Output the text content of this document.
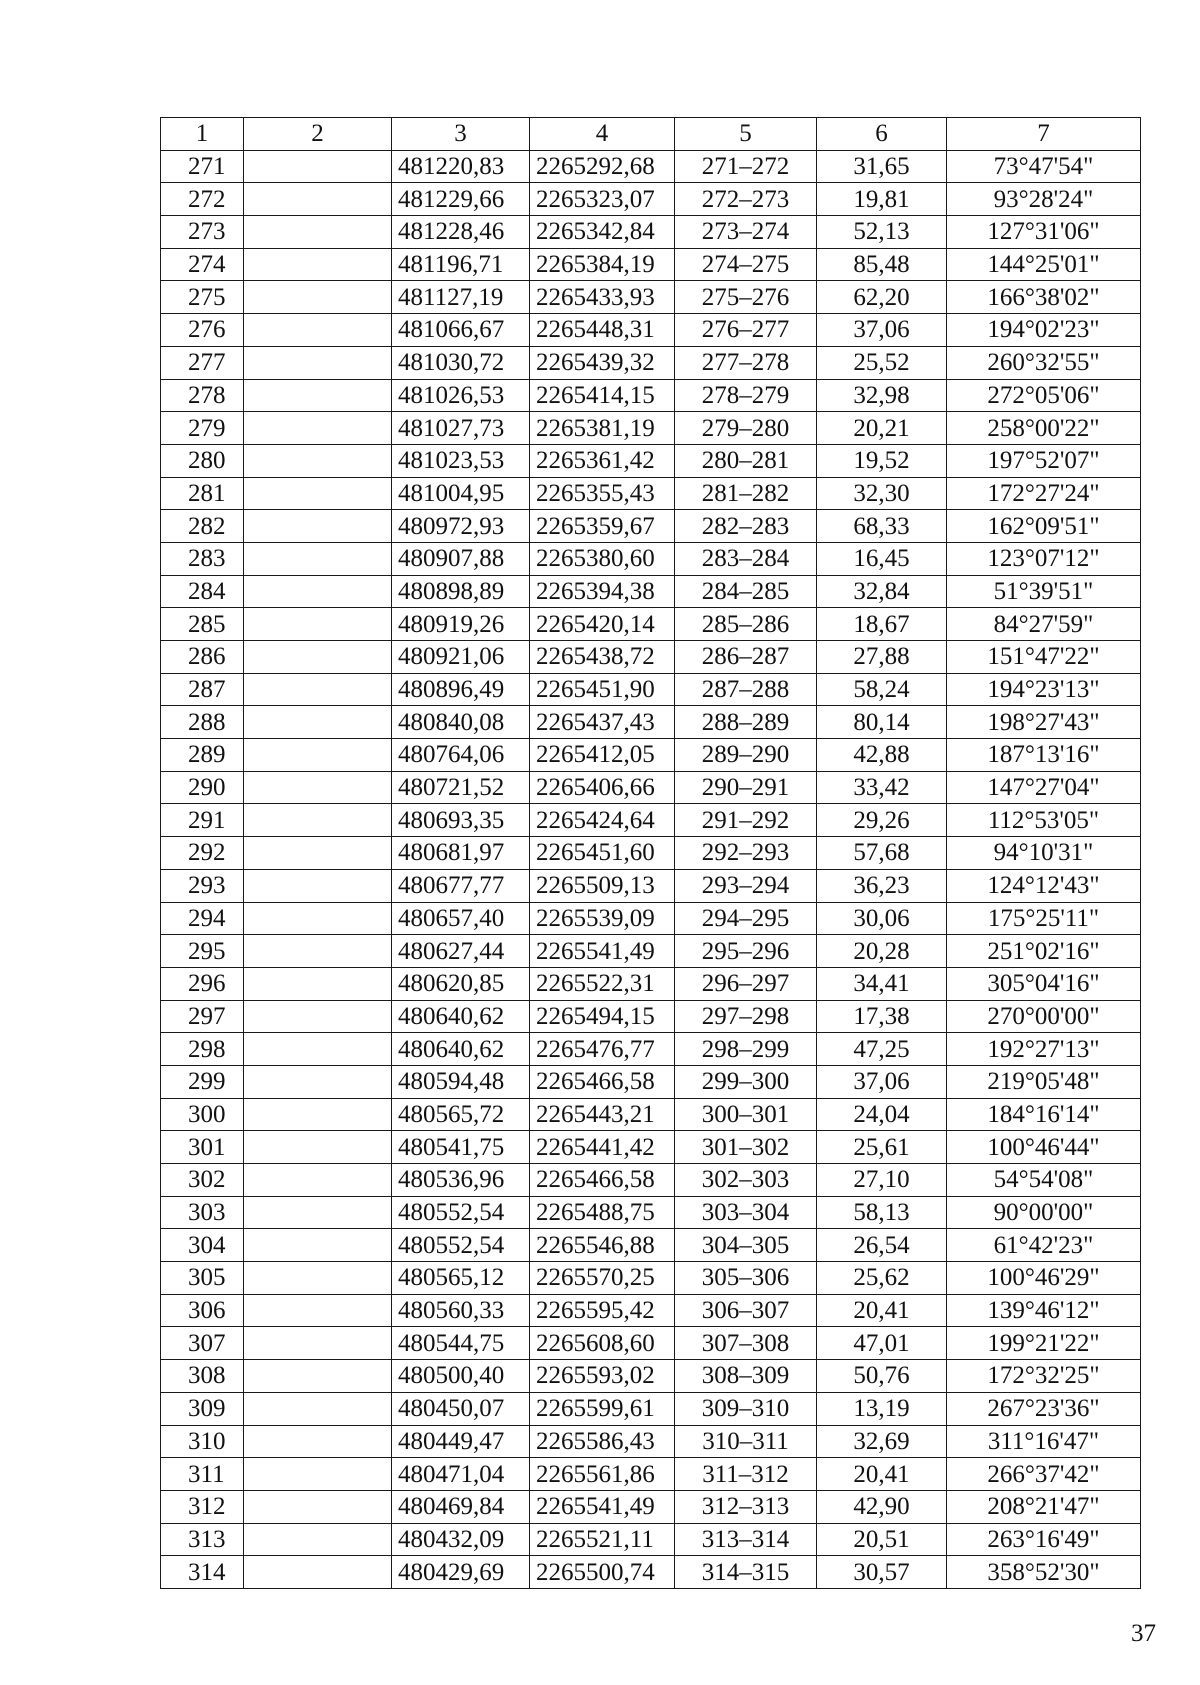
1	2	3	4	5	6	7
271		481220,83	2265292,68	271–272	31,65	73°47'54"
272		481229,66	2265323,07	272–273	19,81	93°28'24"
273		481228,46	2265342,84	273–274	52,13	127°31'06"
274		481196,71	2265384,19	274–275	85,48	144°25'01"
275		481127,19	2265433,93	275–276	62,20	166°38'02"
276		481066,67	2265448,31	276–277	37,06	194°02'23"
277		481030,72	2265439,32	277–278	25,52	260°32'55"
278		481026,53	2265414,15	278–279	32,98	272°05'06"
279		481027,73	2265381,19	279–280	20,21	258°00'22"
280		481023,53	2265361,42	280–281	19,52	197°52'07"
281		481004,95	2265355,43	281–282	32,30	172°27'24"
282		480972,93	2265359,67	282–283	68,33	162°09'51"
283		480907,88	2265380,60	283–284	16,45	123°07'12"
284		480898,89	2265394,38	284–285	32,84	51°39'51"
285		480919,26	2265420,14	285–286	18,67	84°27'59"
286		480921,06	2265438,72	286–287	27,88	151°47'22"
287		480896,49	2265451,90	287–288	58,24	194°23'13"
288		480840,08	2265437,43	288–289	80,14	198°27'43"
289		480764,06	2265412,05	289–290	42,88	187°13'16"
290		480721,52	2265406,66	290–291	33,42	147°27'04"
291		480693,35	2265424,64	291–292	29,26	112°53'05"
292		480681,97	2265451,60	292–293	57,68	94°10'31"
293		480677,77	2265509,13	293–294	36,23	124°12'43"
294		480657,40	2265539,09	294–295	30,06	175°25'11"
295		480627,44	2265541,49	295–296	20,28	251°02'16"
296		480620,85	2265522,31	296–297	34,41	305°04'16"
297		480640,62	2265494,15	297–298	17,38	270°00'00"
298		480640,62	2265476,77	298–299	47,25	192°27'13"
299		480594,48	2265466,58	299–300	37,06	219°05'48"
300		480565,72	2265443,21	300–301	24,04	184°16'14"
301		480541,75	2265441,42	301–302	25,61	100°46'44"
302		480536,96	2265466,58	302–303	27,10	54°54'08"
303		480552,54	2265488,75	303–304	58,13	90°00'00"
304		480552,54	2265546,88	304–305	26,54	61°42'23"
305		480565,12	2265570,25	305–306	25,62	100°46'29"
306		480560,33	2265595,42	306–307	20,41	139°46'12"
307		480544,75	2265608,60	307–308	47,01	199°21'22"
308		480500,40	2265593,02	308–309	50,76	172°32'25"
309		480450,07	2265599,61	309–310	13,19	267°23'36"
310		480449,47	2265586,43	310–311	32,69	311°16'47"
311		480471,04	2265561,86	311–312	20,41	266°37'42"
312		480469,84	2265541,49	312–313	42,90	208°21'47"
313		480432,09	2265521,11	313–314	20,51	263°16'49"
314		480429,69	2265500,74	314–315	30,57	358°52'30"
37
